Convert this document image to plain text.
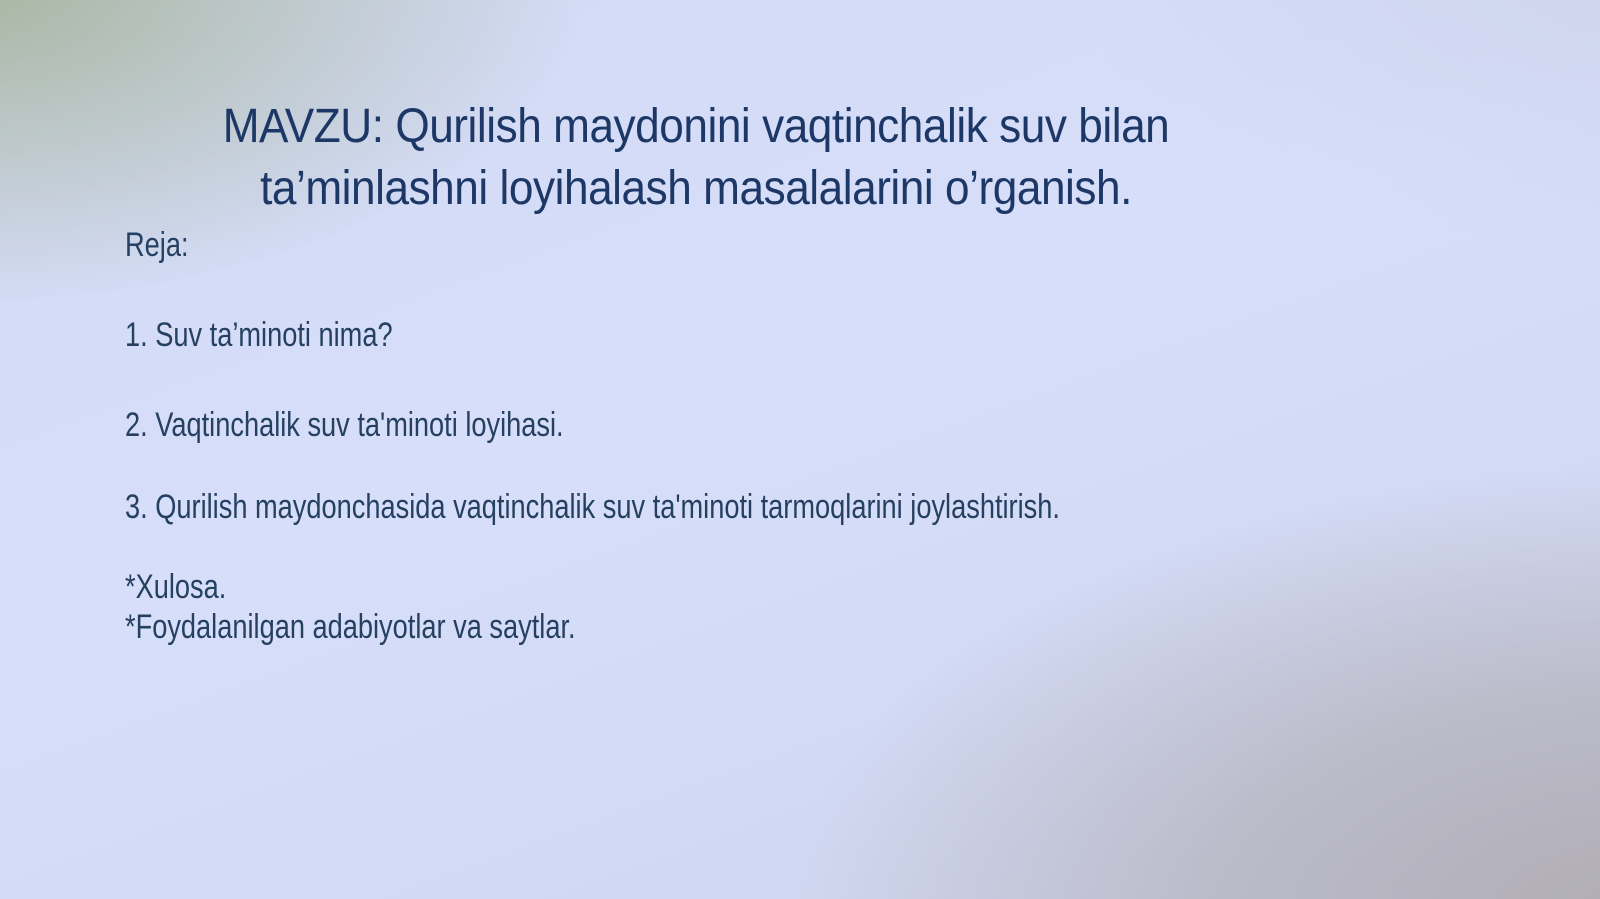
MAVZU: Qurilish maydonini vaqtinchalik suv bilan
ta’minlashni loyihalash masalalarini o’rganish.
Reja:
1. Suv ta’minoti nima?
2. Vaqtinchalik suv ta'minoti loyihasi.
3. Qurilish maydonchasida vaqtinchalik suv ta'minoti tarmoqlarini joylashtirish.
*Xulosa.
*Foydalanilgan adabiyotlar va saytlar.
